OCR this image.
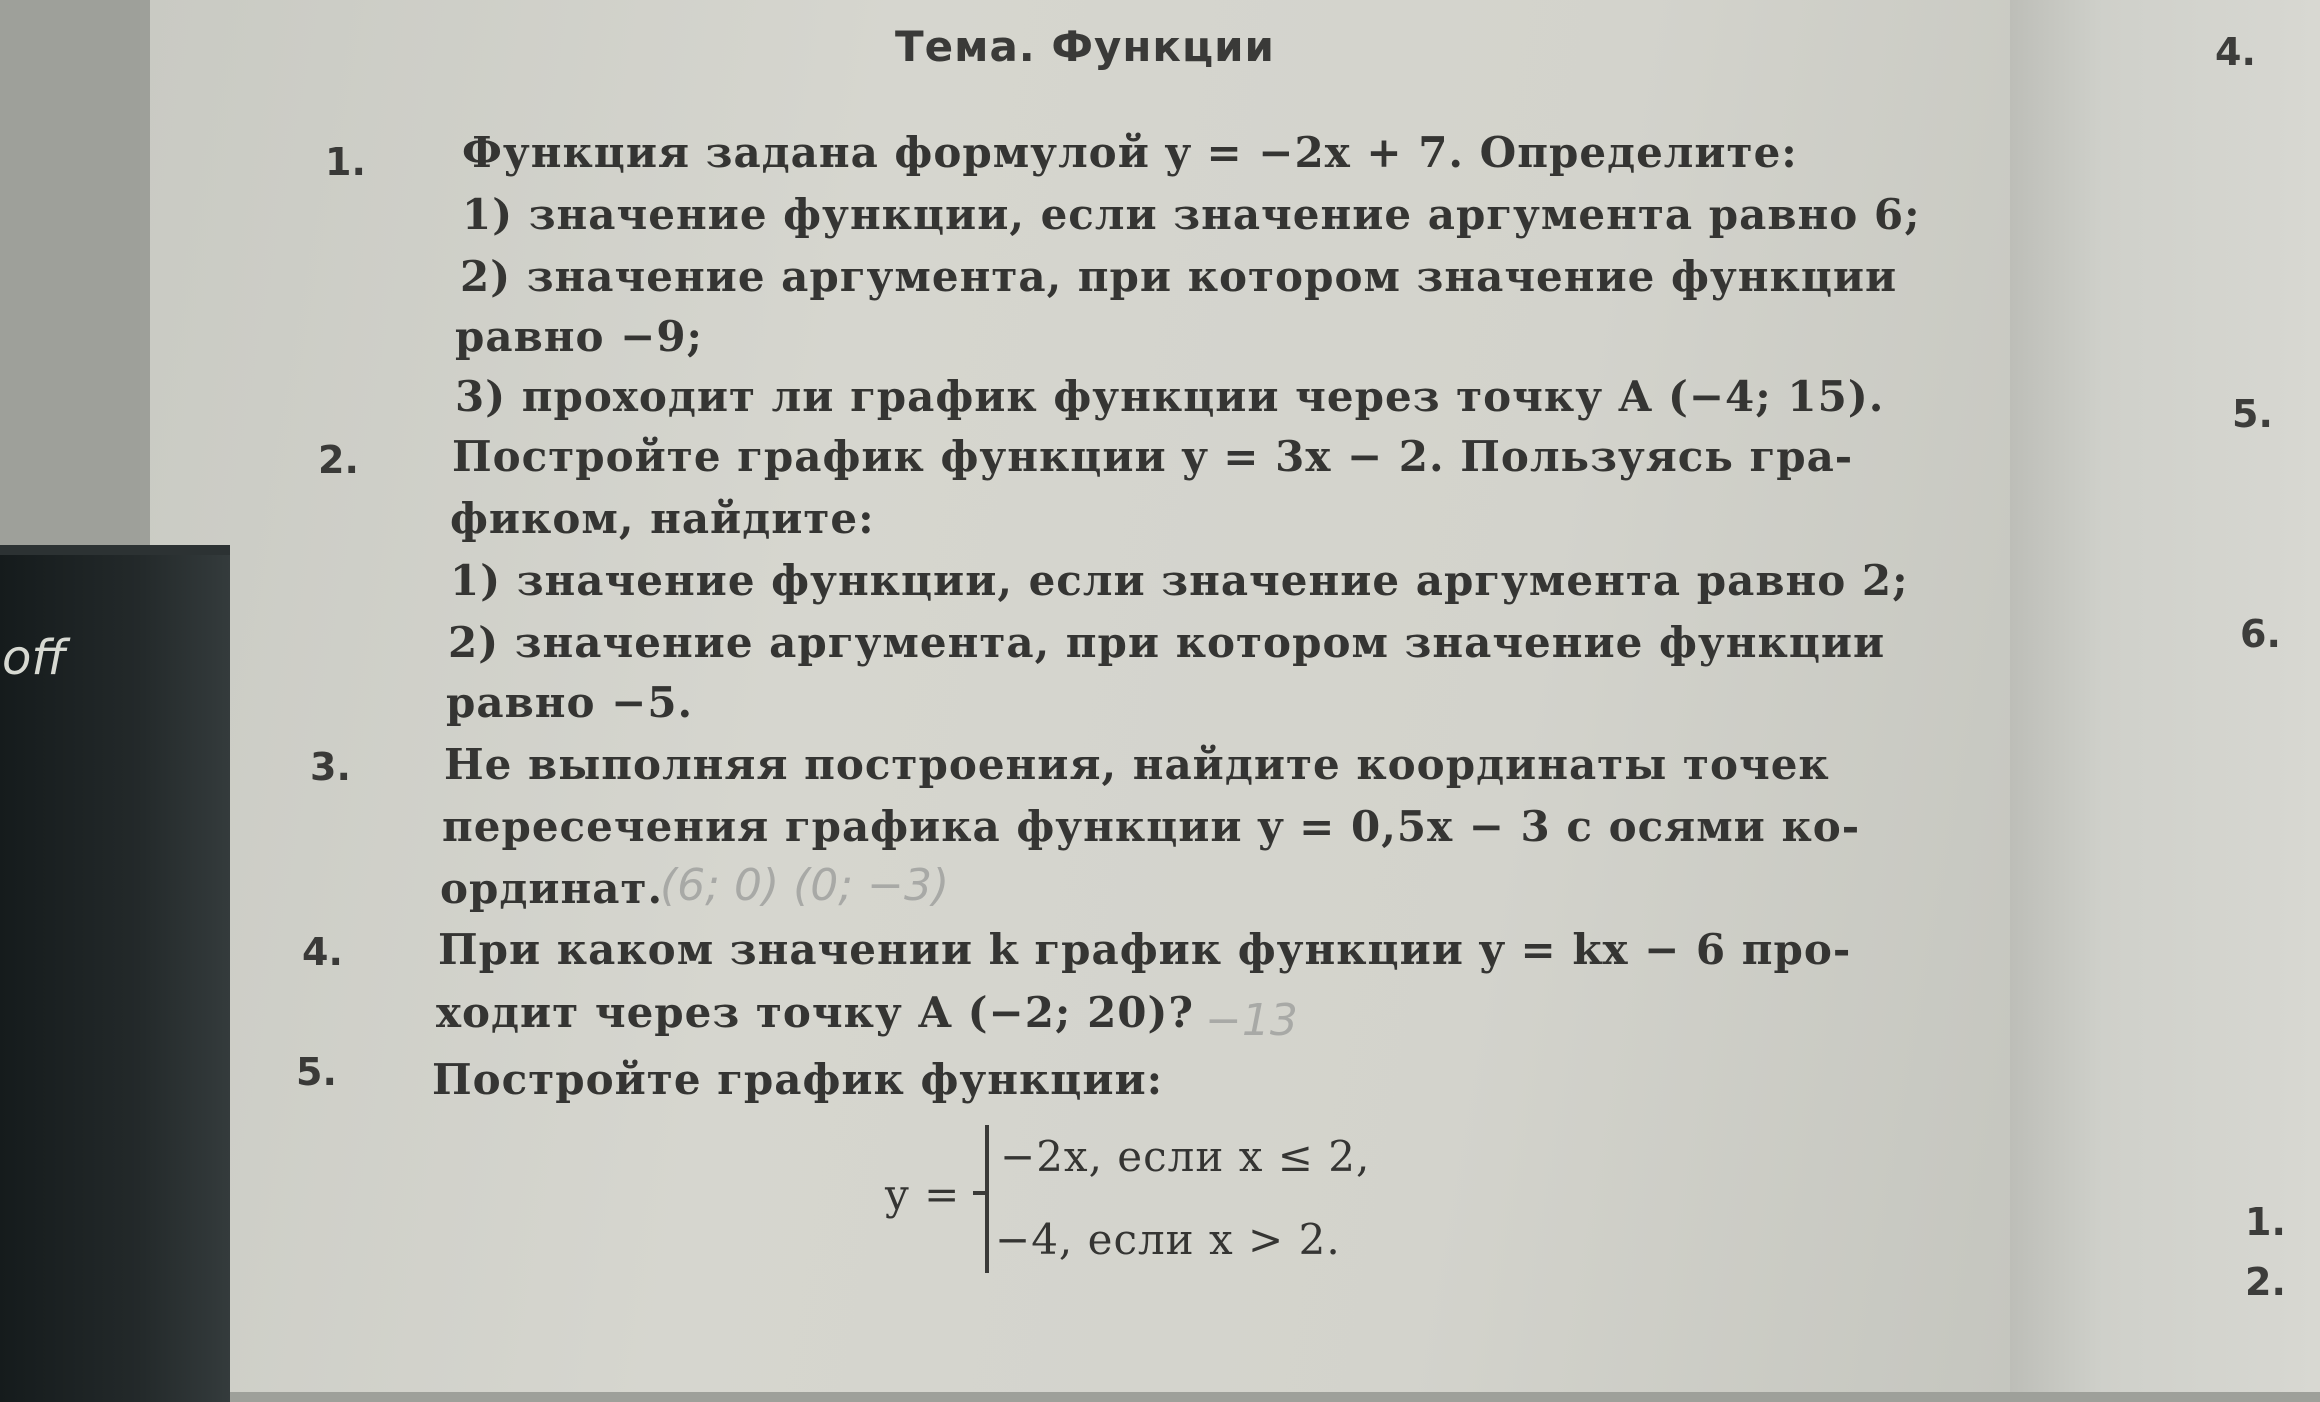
off
Тема. Функции	4.
5.
6.
1.
2.
1. Функция задана формулой y = −2x + 7. Определите:
1) значение функции, если значение аргумента равно 6;
2) значение аргумента, при котором значение функции
равно −9;
3) проходит ли график функции через точку A (−4; 15).
2. Постройте график функции y = 3x − 2. Пользуясь гра-
фиком, найдите:
1) значение функции, если значение аргумента равно 2;
2) значение аргумента, при котором значение функции
равно −5.
3. Не выполняя построения, найдите координаты точек
пересечения графика функции y = 0,5x − 3 с осями ко-
ординат.
(6; 0) (0; −3)
4. При каком значении k график функции y = kx − 6 про-
ходит через точку A (−2; 20)? −13
5. Постройте график функции:
y =
−2x, если x ≤ 2,
−4, если x > 2.
